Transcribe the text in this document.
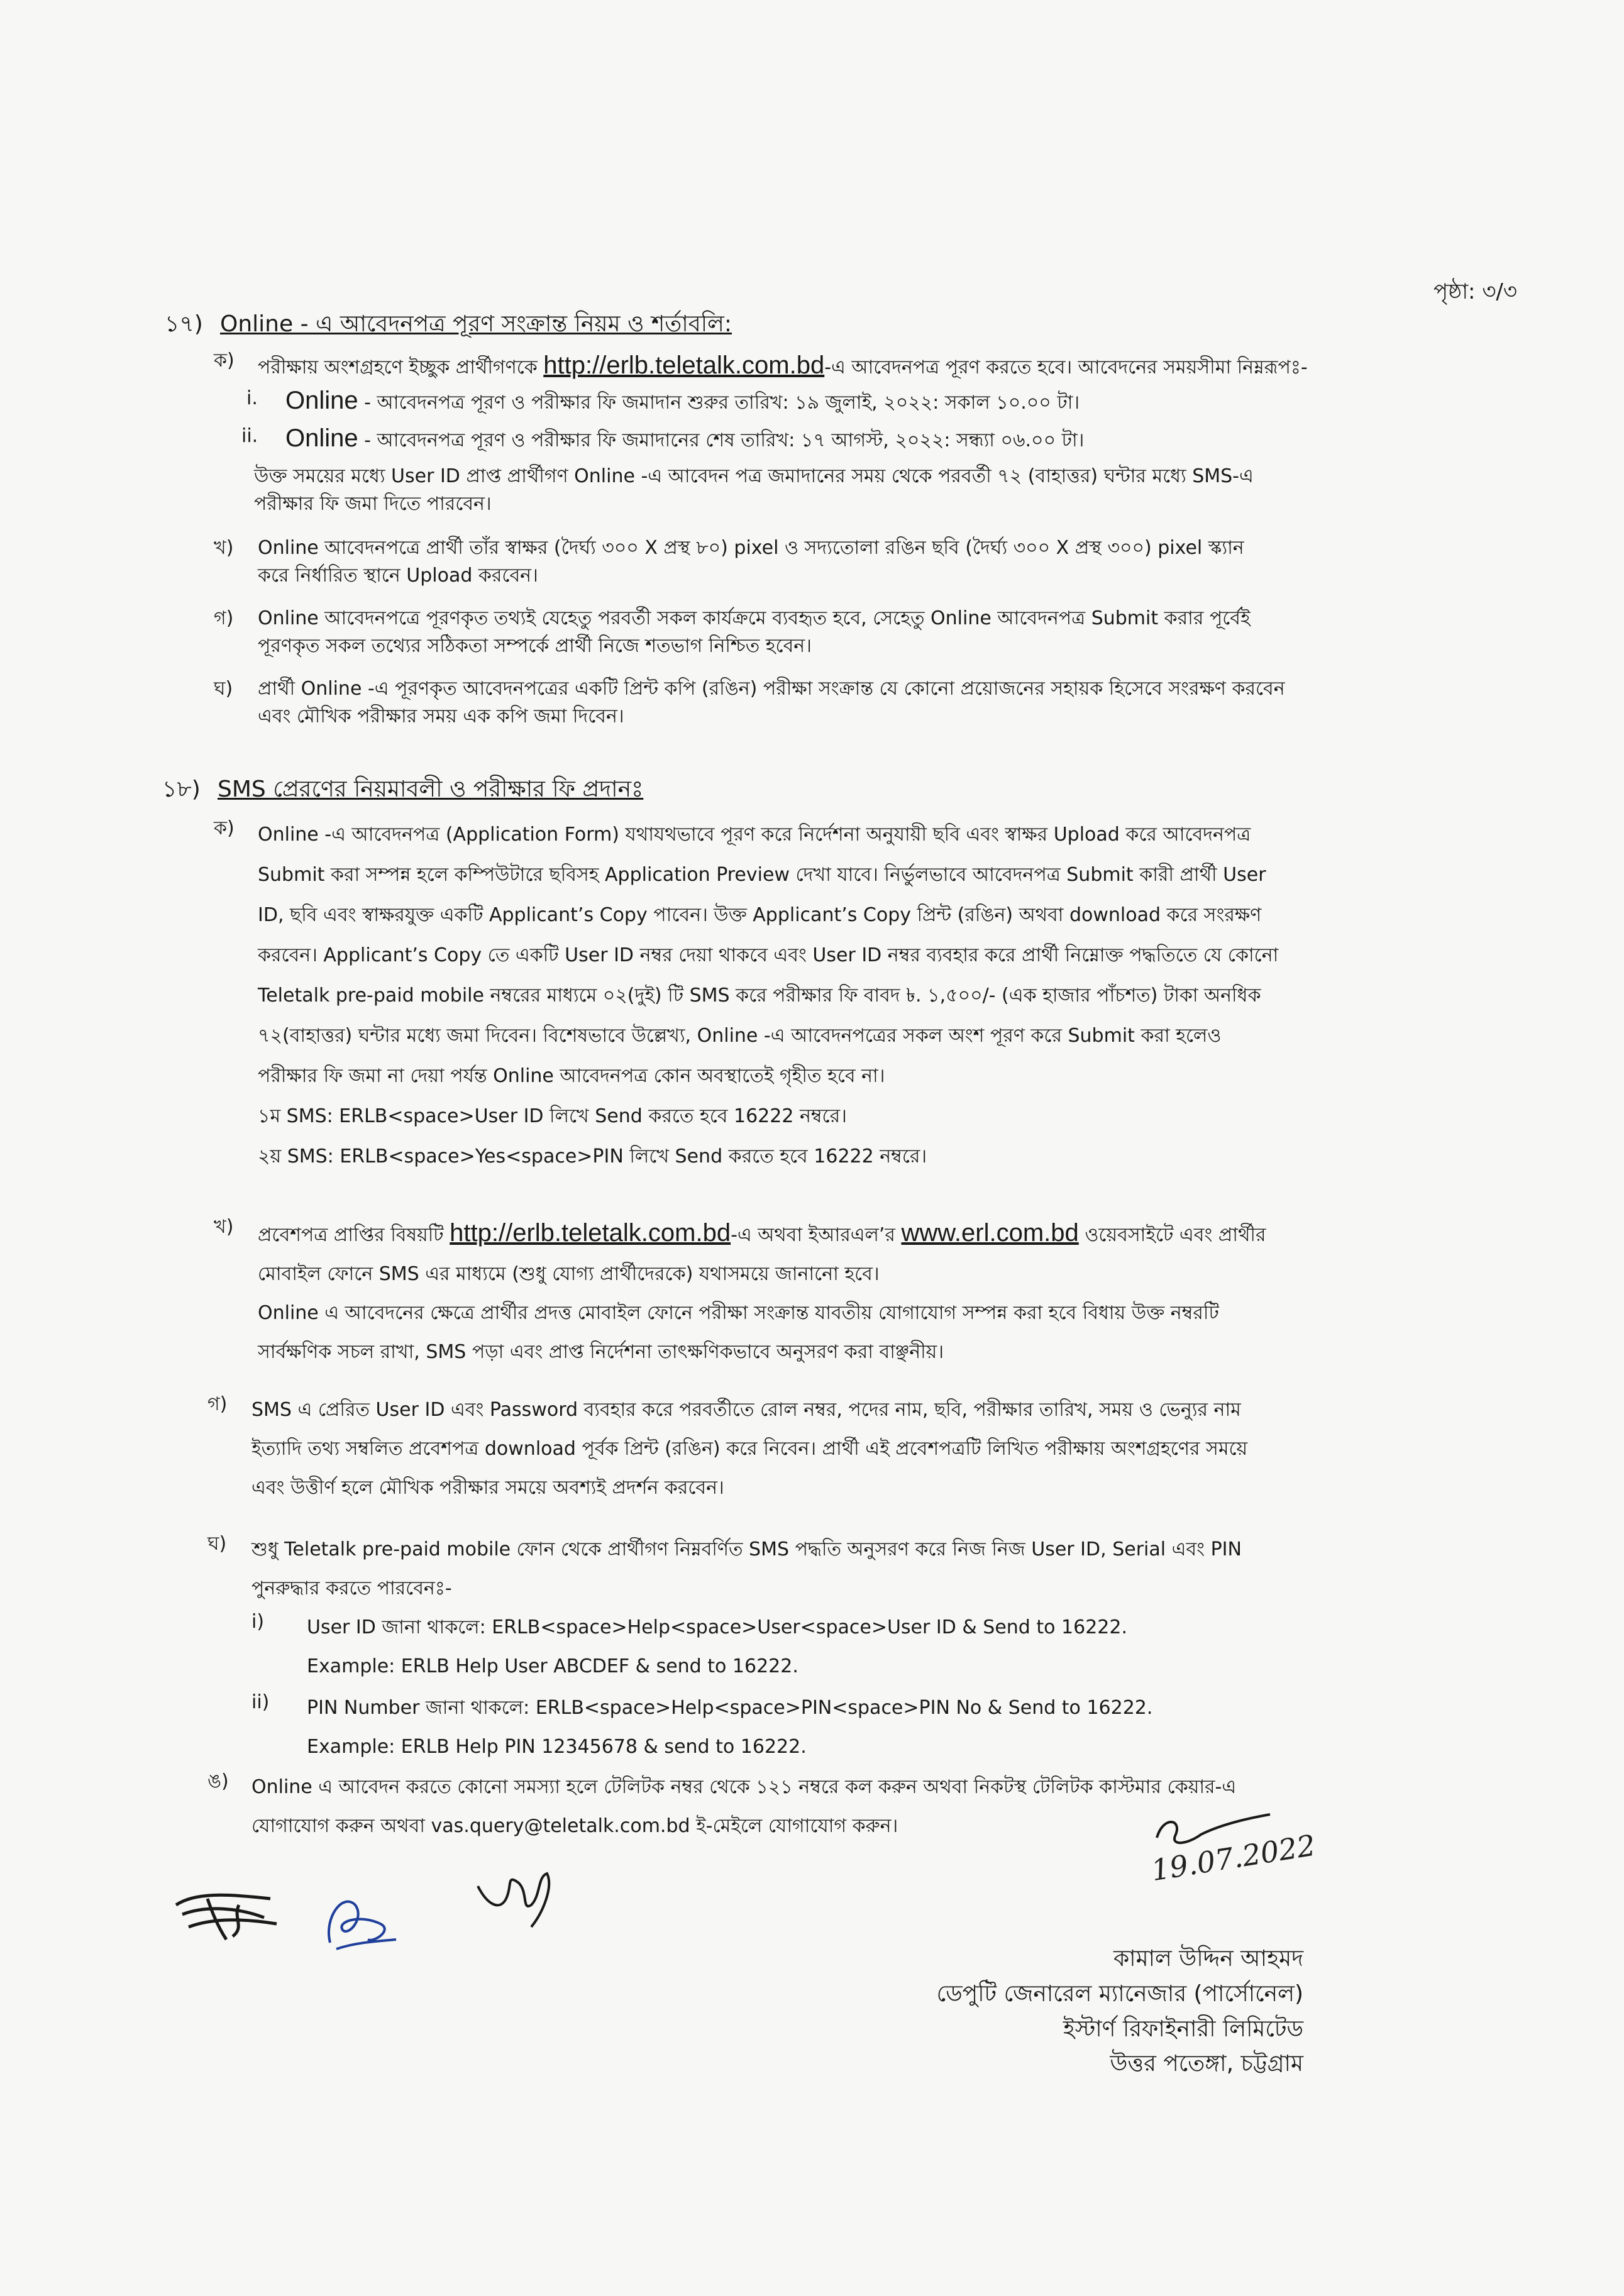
পৃষ্ঠা: ৩/৩
১৭) Online - এ আবেদনপত্র পূরণ সংক্রান্ত নিয়ম ও শর্তাবলি:
ক) পরীক্ষায় অংশগ্রহণে ইচ্ছুক প্রার্থীগণকে http://erlb.teletalk.com.bd-এ আবেদনপত্র পূরণ করতে হবে। আবেদনের সময়সীমা নিম্নরূপঃ-
i. Online - আবেদনপত্র পূরণ ও পরীক্ষার ফি জমাদান শুরুর তারিখ: ১৯ জুলাই, ২০২২: সকাল ১০.০০ টা।
ii. Online - আবেদনপত্র পূরণ ও পরীক্ষার ফি জমাদানের শেষ তারিখ: ১৭ আগস্ট, ২০২২: সন্ধ্যা ০৬.০০ টা।
উক্ত সময়ের মধ্যে User ID প্রাপ্ত প্রার্থীগণ Online -এ আবেদন পত্র জমাদানের সময় থেকে পরবর্তী ৭২ (বাহাত্তর) ঘন্টার মধ্যে SMS-এ
পরীক্ষার ফি জমা দিতে পারবেন।
খ) Online আবেদনপত্রে প্রার্থী তাঁর স্বাক্ষর (দৈর্ঘ্য ৩০০ X প্রস্থ ৮০) pixel ও সদ্যতোলা রঙিন ছবি (দৈর্ঘ্য ৩০০ X প্রস্থ ৩০০) pixel স্ক্যান
করে নির্ধারিত স্থানে Upload করবেন।
গ) Online আবেদনপত্রে পূরণকৃত তথ্যই যেহেতু পরবর্তী সকল কার্যক্রমে ব্যবহৃত হবে, সেহেতু Online আবেদনপত্র Submit করার পূর্বেই
পূরণকৃত সকল তথ্যের সঠিকতা সম্পর্কে প্রার্থী নিজে শতভাগ নিশ্চিত হবেন।
ঘ) প্রার্থী Online -এ পূরণকৃত আবেদনপত্রের একটি প্রিন্ট কপি (রঙিন) পরীক্ষা সংক্রান্ত যে কোনো প্রয়োজনের সহায়ক হিসেবে সংরক্ষণ করবেন
এবং মৌখিক পরীক্ষার সময় এক কপি জমা দিবেন।
১৮) SMS প্রেরণের নিয়মাবলী ও পরীক্ষার ফি প্রদানঃ
ক) Online -এ আবেদনপত্র (Application Form) যথাযথভাবে পূরণ করে নির্দেশনা অনুযায়ী ছবি এবং স্বাক্ষর Upload করে আবেদনপত্র
Submit করা সম্পন্ন হলে কম্পিউটারে ছবিসহ Application Preview দেখা যাবে। নির্ভুলভাবে আবেদনপত্র Submit কারী প্রার্থী User
ID, ছবি এবং স্বাক্ষরযুক্ত একটি Applicant’s Copy পাবেন। উক্ত Applicant’s Copy প্রিন্ট (রঙিন) অথবা download করে সংরক্ষণ
করবেন। Applicant’s Copy তে একটি User ID নম্বর দেয়া থাকবে এবং User ID নম্বর ব্যবহার করে প্রার্থী নিম্নোক্ত পদ্ধতিতে যে কোনো
Teletalk pre-paid mobile নম্বরের মাধ্যমে ০২(দুই) টি SMS করে পরীক্ষার ফি বাবদ ৳. ১,৫০০/- (এক হাজার পাঁচশত) টাকা অনধিক
৭২(বাহাত্তর) ঘন্টার মধ্যে জমা দিবেন। বিশেষভাবে উল্লেখ্য, Online -এ আবেদনপত্রের সকল অংশ পূরণ করে Submit করা হলেও
পরীক্ষার ফি জমা না দেয়া পর্যন্ত Online আবেদনপত্র কোন অবস্থাতেই গৃহীত হবে না।
১ম SMS: ERLB<space>User ID লিখে Send করতে হবে 16222 নম্বরে।
২য় SMS: ERLB<space>Yes<space>PIN লিখে Send করতে হবে 16222 নম্বরে।
খ) প্রবেশপত্র প্রাপ্তির বিষয়টি http://erlb.teletalk.com.bd-এ অথবা ইআরএল’র www.erl.com.bd ওয়েবসাইটে এবং প্রার্থীর
মোবাইল ফোনে SMS এর মাধ্যমে (শুধু যোগ্য প্রার্থীদেরকে) যথাসময়ে জানানো হবে।
Online এ আবেদনের ক্ষেত্রে প্রার্থীর প্রদত্ত মোবাইল ফোনে পরীক্ষা সংক্রান্ত যাবতীয় যোগাযোগ সম্পন্ন করা হবে বিধায় উক্ত নম্বরটি
সার্বক্ষণিক সচল রাখা, SMS পড়া এবং প্রাপ্ত নির্দেশনা তাৎক্ষণিকভাবে অনুসরণ করা বাঞ্ছনীয়।
গ) SMS এ প্রেরিত User ID এবং Password ব্যবহার করে পরবর্তীতে রোল নম্বর, পদের নাম, ছবি, পরীক্ষার তারিখ, সময় ও ভেন্যুর নাম
ইত্যাদি তথ্য সম্বলিত প্রবেশপত্র download পূর্বক প্রিন্ট (রঙিন) করে নিবেন। প্রার্থী এই প্রবেশপত্রটি লিখিত পরীক্ষায় অংশগ্রহণের সময়ে
এবং উত্তীর্ণ হলে মৌখিক পরীক্ষার সময়ে অবশ্যই প্রদর্শন করবেন।
ঘ) শুধু Teletalk pre-paid mobile ফোন থেকে প্রার্থীগণ নিম্নবর্ণিত SMS পদ্ধতি অনুসরণ করে নিজ নিজ User ID, Serial এবং PIN
পুনরুদ্ধার করতে পারবেনঃ-
i) User ID জানা থাকলে: ERLB<space>Help<space>User<space>User ID & Send to 16222.
Example: ERLB Help User ABCDEF & send to 16222.
ii) PIN Number জানা থাকলে: ERLB<space>Help<space>PIN<space>PIN No & Send to 16222.
Example: ERLB Help PIN 12345678 & send to 16222.
ঙ) Online এ আবেদন করতে কোনো সমস্যা হলে টেলিটক নম্বর থেকে ১২১ নম্বরে কল করুন অথবা নিকটস্থ টেলিটক কাস্টমার কেয়ার-এ
যোগাযোগ করুন অথবা vas.query@teletalk.com.bd ই-মেইলে যোগাযোগ করুন।
19.07.2022
কামাল উদ্দিন আহমদ
ডেপুটি জেনারেল ম্যানেজার (পার্সোনেল)
ইস্টার্ণ রিফাইনারী লিমিটেড
উত্তর পতেঙ্গা, চট্টগ্রাম
